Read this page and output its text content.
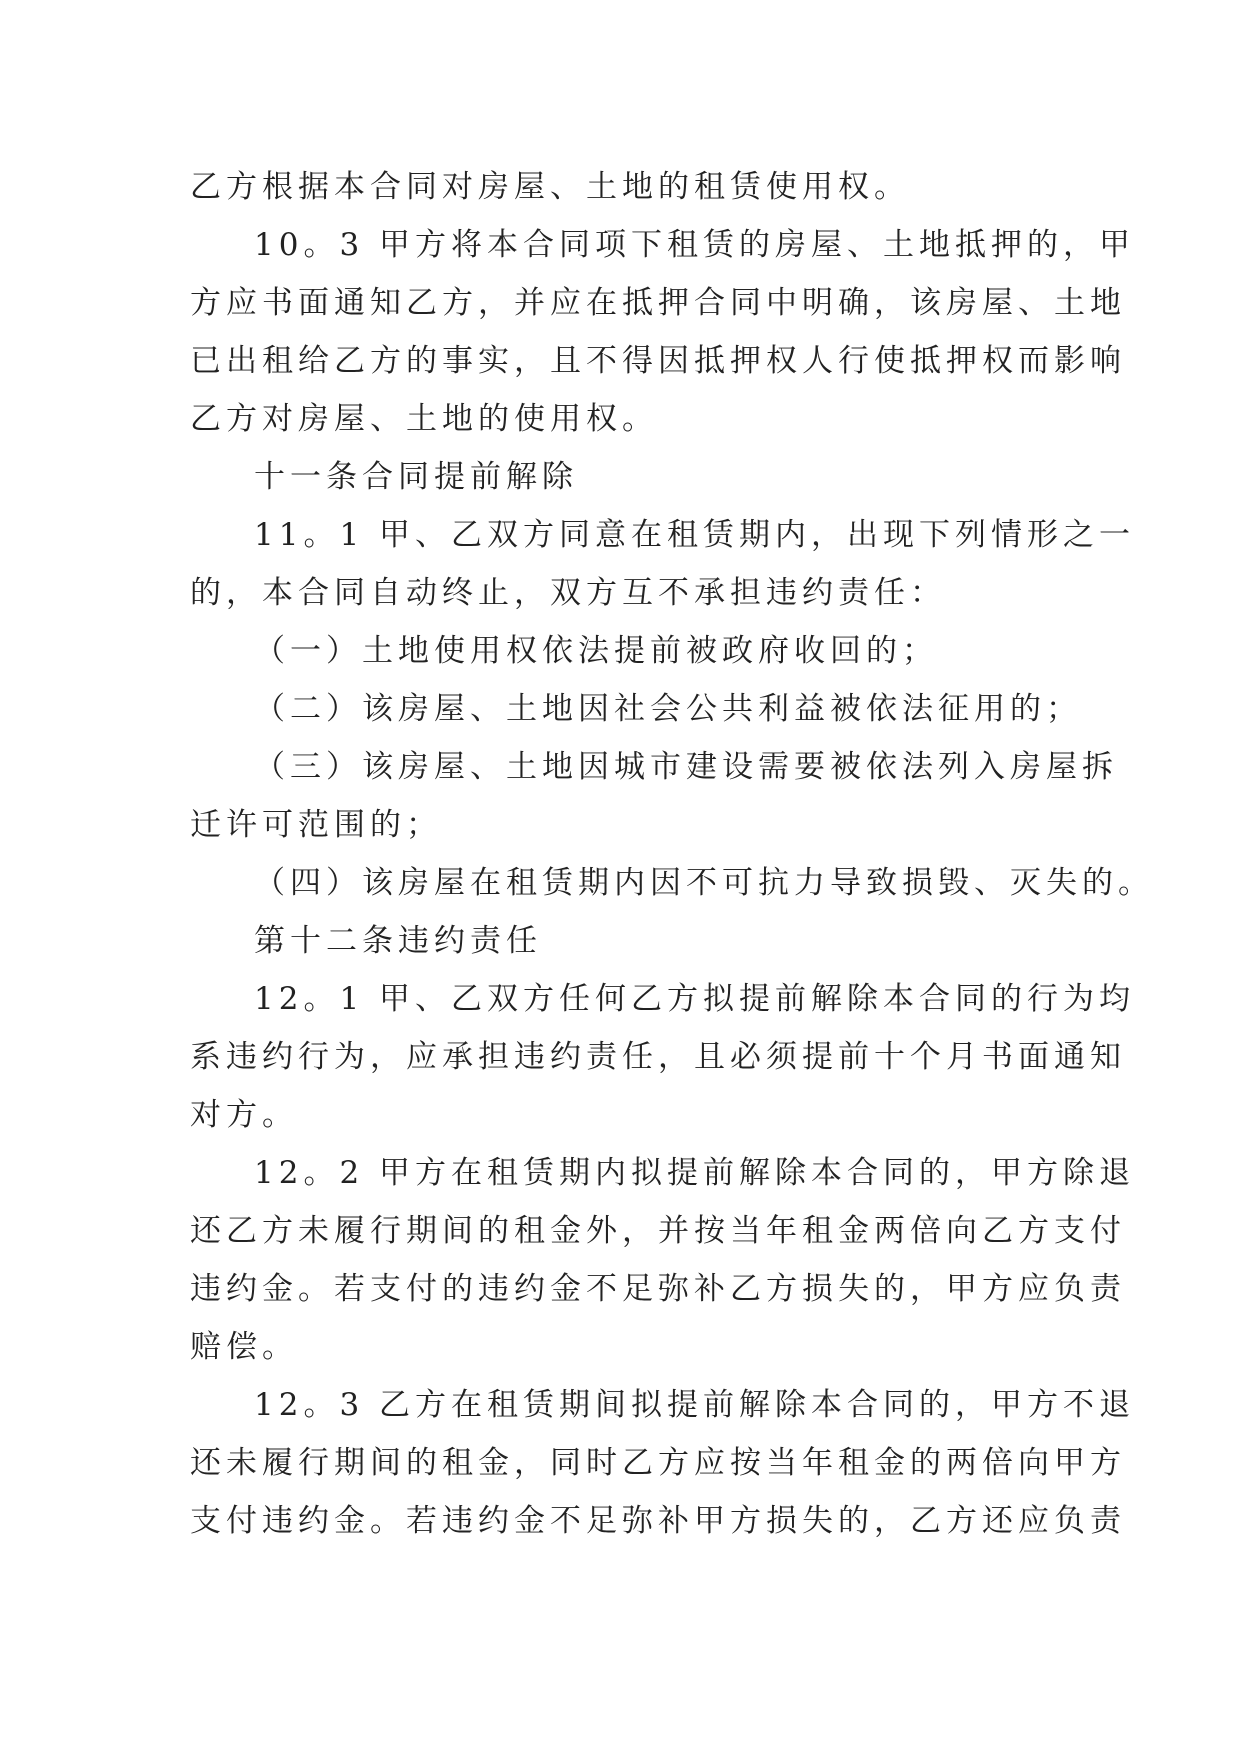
乙方根据本合同对房屋、土地的租赁使用权。
10。3 甲方将本合同项下租赁的房屋、土地抵押的，甲
方应书面通知乙方，并应在抵押合同中明确，该房屋、土地
已出租给乙方的事实，且不得因抵押权人行使抵押权而影响
乙方对房屋、土地的使用权。
十一条合同提前解除
11。1 甲、乙双方同意在租赁期内，出现下列情形之一
的，本合同自动终止，双方互不承担违约责任：
（一）土地使用权依法提前被政府收回的；
（二）该房屋、土地因社会公共利益被依法征用的；
（三）该房屋、土地因城市建设需要被依法列入房屋拆
迁许可范围的；
（四）该房屋在租赁期内因不可抗力导致损毁、灭失的。
第十二条违约责任
12。1 甲、乙双方任何乙方拟提前解除本合同的行为均
系违约行为，应承担违约责任，且必须提前十个月书面通知
对方。
12。2 甲方在租赁期内拟提前解除本合同的，甲方除退
还乙方未履行期间的租金外，并按当年租金两倍向乙方支付
违约金。若支付的违约金不足弥补乙方损失的，甲方应负责
赔偿。
12。3 乙方在租赁期间拟提前解除本合同的，甲方不退
还未履行期间的租金，同时乙方应按当年租金的两倍向甲方
支付违约金。若违约金不足弥补甲方损失的，乙方还应负责
